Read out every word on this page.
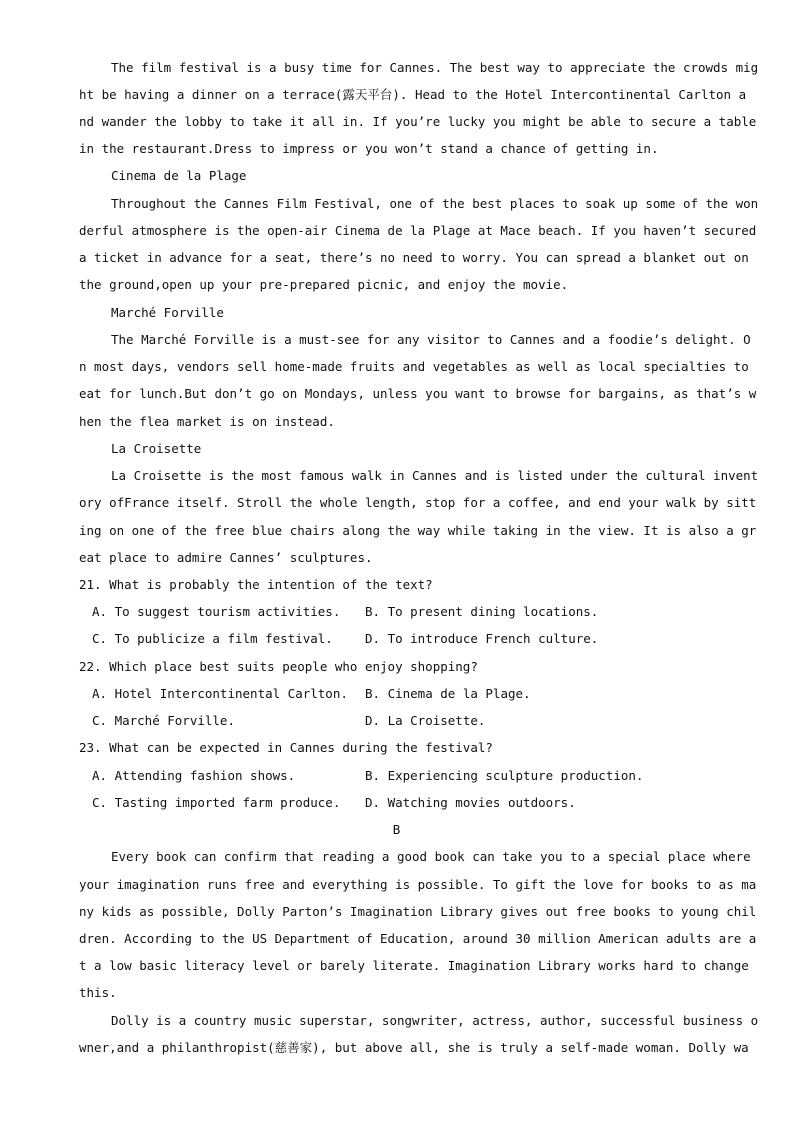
The film festival is a busy time for Cannes. The best way to appreciate the crowds mig
ht be having a dinner on a terrace(露天平台). Head to the Hotel Intercontinental Carlton a
nd wander the lobby to take it all in. If you’re lucky you might be able to secure a table
in the restaurant.Dress to impress or you won’t stand a chance of getting in.
Cinema de la Plage
Throughout the Cannes Film Festival, one of the best places to soak up some of the won
derful atmosphere is the open-air Cinema de la Plage at Mace beach. If you haven’t secured
a ticket in advance for a seat, there’s no need to worry. You can spread a blanket out on
the ground,open up your pre-prepared picnic, and enjoy the movie.
Marché Forville
The Marché Forville is a must-see for any visitor to Cannes and a foodie’s delight. O
n most days, vendors sell home-made fruits and vegetables as well as local specialties to
eat for lunch.But don’t go on Mondays, unless you want to browse for bargains, as that’s w
hen the flea market is on instead.
La Croisette
La Croisette is the most famous walk in Cannes and is listed under the cultural invent
ory ofFrance itself. Stroll the whole length, stop for a coffee, and end your walk by sitt
ing on one of the free blue chairs along the way while taking in the view. It is also a gr
eat place to admire Cannes’ sculptures.
21. What is probably the intention of the text?
A. To suggest tourism activities. B. To present dining locations.
C. To publicize a film festival.	D. To introduce French culture.
22. Which place best suits people who enjoy shopping?
A. Hotel Intercontinental Carlton. B. Cinema de la Plage.
C. Marché Forville.	D. La Croisette.
23. What can be expected in Cannes during the festival?
A. Attending fashion shows.	B. Experiencing sculpture production.
C. Tasting imported farm produce. D. Watching movies outdoors.
B
Every book can confirm that reading a good book can take you to a special place where
your imagination runs free and everything is possible. To gift the love for books to as ma
ny kids as possible, Dolly Parton’s Imagination Library gives out free books to young chil
dren. According to the US Department of Education, around 30 million American adults are a
t a low basic literacy level or barely literate. Imagination Library works hard to change
this.
Dolly is a country music superstar, songwriter, actress, author, successful business o
wner,and a philanthropist(慈善家), but above all, she is truly a self-made woman. Dolly wa
